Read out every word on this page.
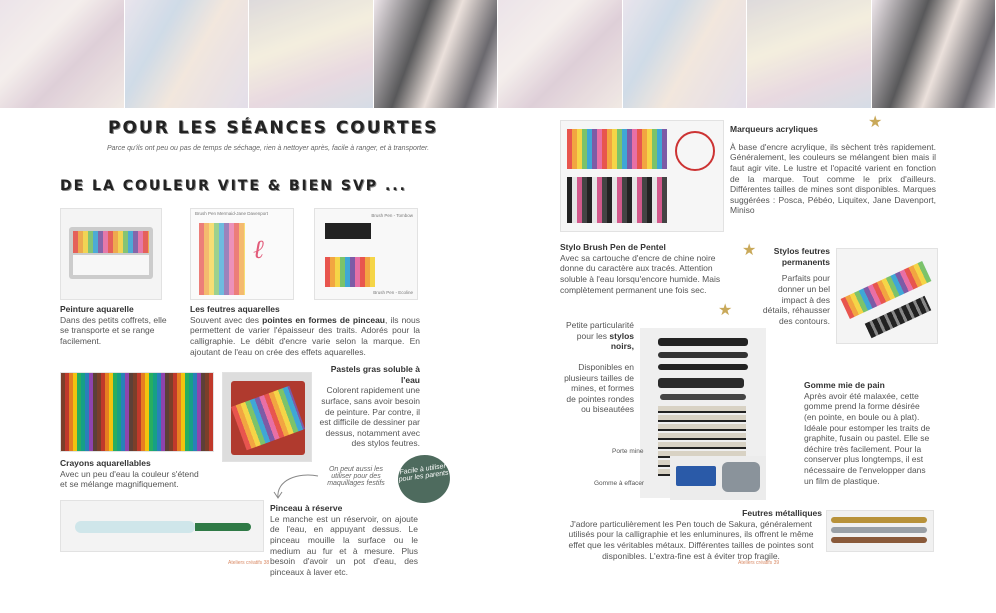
POUR LES SÉANCES COURTES
Parce qu'ils ont peu ou pas de temps de séchage, rien à nettoyer après, facile à ranger, et à transporter.
DE LA COULEUR VITE & BIEN SVP ...
Peinture aquarelle
Dans des petits coffrets, elle se transporte et se range facilement.
Brush Pen Mermaid-Jane Davenport
ℓ
Les feutres aquarelles
Souvent avec des pointes en formes de pinceau, ils nous permettent de varier l'épaisseur des traits. Adorés pour la calligraphie. Le débit d'encre varie selon la marque. En ajoutant de l'eau on crée des effets aquarelles.
Brush Pen - Tombow
Brush Pen - Ecoline
Crayons aquarellables
Avec un peu d'eau la couleur s'étend et se mélange magnifiquement.
Pastels gras soluble à l'eau
Colorent rapidement une surface, sans avoir besoin de peinture. Par contre, il est difficile de dessiner par dessus, notamment avec des stylos feutres.
On peut aussi les utiliser pour des maquillages festifs
Facile à utiliser pour les parents
Pinceau à réserve
Le manche est un réservoir, on ajoute de l'eau, en appuyant dessus. Le pinceau mouille la surface ou le medium au fur et à mesure. Plus besoin d'avoir un pot d'eau, des pinceaux à laver etc.
Ateliers créatifs 38
Marqueurs acryliques
À base d'encre acrylique, ils sèchent très rapidement. Généralement, les couleurs se mélangent bien mais il faut agir vite. Le lustre et l'opacité varient en fonction de la marque. Tout comme le prix d'ailleurs. Différentes tailles de mines sont disponibles. Marques suggérées : Posca, Pébéo, Liquitex, Jane Davenport, Miniso
★
Stylo Brush Pen de Pentel
Avec sa cartouche d'encre de chine noire donne du caractère aux tracés. Attention soluble à l'eau lorsqu'encore humide. Mais complètement permanent une fois sec.
★	Stylos feutres permanents
Parfaits pour donner un bel impact à des détails, réhausser des contours.
★
Petite particularité pour les stylos noirs,
Disponibles en plusieurs tailles de mines, et formes de pointes rondes ou biseautées
Porte mine
Gomme à effacer
Gomme mie de pain
Après avoir été malaxée, cette gomme prend la forme désirée (en pointe, en boule ou à plat). Idéale pour estomper les traits de graphite, fusain ou pastel. Elle se déchire très facilement. Pour la conserver plus longtemps, il est nécessaire de l'envelopper dans un film de plastique.
Feutres métalliques
J'adore particulièrement les Pen touch de Sakura, généralement utilisés pour la calligraphie et les enluminures, ils offrent le même effet que les véritables métaux. Différentes tailles de pointes sont disponibles. L'extra-fine est à éviter trop fragile.
Ateliers créatifs 39
